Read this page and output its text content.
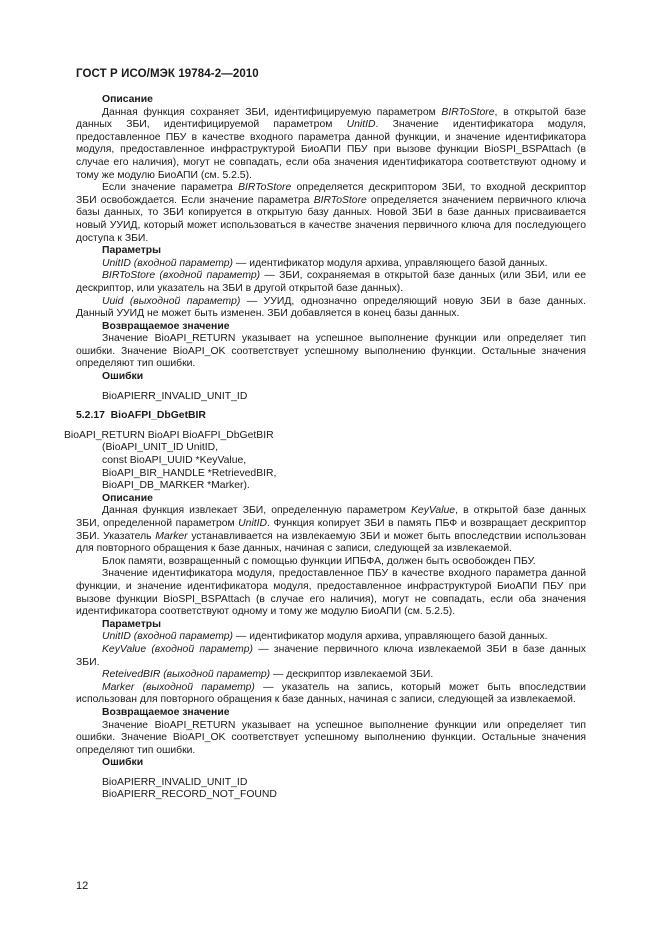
ГОСТ Р ИСО/МЭК 19784-2—2010

Описание

Данная функция сохраняет ЗБИ, идентифицируемую параметром BIRToStore, в открытой базе данных ЗБИ, идентифицируемой параметром UnitID. Значение идентификатора модуля, предоставленное ПБУ в качестве входного параметра данной функции, и значение идентификатора модуля, предоставленное инфраструктурой БиоАПИ ПБУ при вызове функции BioSPI_BSPAttach (в случае его наличия), могут не совпадать, если оба значения идентификатора соответствуют одному и тому же модулю БиоАПИ (см. 5.2.5).

Если значение параметра BIRToStore определяется дескриптором ЗБИ, то входной дескриптор ЗБИ освобождается. Если значение параметра BIRToStore определяется значением первичного ключа базы данных, то ЗБИ копируется в открытую базу данных. Новой ЗБИ в базе данных присваивается новый УУИД, который может использоваться в качестве значения первичного ключа для последующего доступа к ЗБИ.

Параметры

UnitID (входной параметр) — идентификатор модуля архива, управляющего базой данных.

BIRToStore (входной параметр) — ЗБИ, сохраняемая в открытой базе данных (или ЗБИ, или ее дескриптор, или указатель на ЗБИ в другой открытой базе данных).

Uuid (выходной параметр) — УУИД, однозначно определяющий новую ЗБИ в базе данных. Данный УУИД не может быть изменен. ЗБИ добавляется в конец базы данных.

Возвращаемое значение

Значение BioAPI_RETURN указывает на успешное выполнение функции или определяет тип ошибки. Значение BioAPI_OK соответствует успешному выполнению функции. Остальные значения определяют тип ошибки.

Ошибки

BioAPIERR_INVALID_UNIT_ID

5.2.17 BioAFPI_DbGetBIR

BioAPI_RETURN BioAPI BioAFPI_DbGetBIR

(BioAPI_UNIT_ID UnitID,

const BioAPI_UUID *KeyValue,

BioAPI_BIR_HANDLE *RetrievedBIR,

BioAPI_DB_MARKER *Marker).

Описание

Данная функция извлекает ЗБИ, определенную параметром KeyValue, в открытой базе данных ЗБИ, определенной параметром UnitID. Функция копирует ЗБИ в память ПБФ и возвращает дескриптор ЗБИ. Указатель Marker устанавливается на извлекаемую ЗБИ и может быть впоследствии использован для повторного обращения к базе данных, начиная с записи, следующей за извлекаемой.

Блок памяти, возвращенный с помощью функции ИПБФА, должен быть освобожден ПБУ.

Значение идентификатора модуля, предоставленное ПБУ в качестве входного параметра данной функции, и значение идентификатора модуля, предоставленное инфраструктурой БиоАПИ ПБУ при вызове функции BioSPI_BSPAttach (в случае его наличия), могут не совпадать, если оба значения идентификатора соответствуют одному и тому же модулю БиоАПИ (см. 5.2.5).

Параметры

UnitID (входной параметр) — идентификатор модуля архива, управляющего базой данных.

KeyValue (входной параметр) — значение первичного ключа извлекаемой ЗБИ в базе данных ЗБИ.

ReteivedBIR (выходной параметр) — дескриптор извлекаемой ЗБИ.

Marker (выходной параметр) — указатель на запись, который может быть впоследствии использован для повторного обращения к базе данных, начиная с записи, следующей за извлекаемой.

Возвращаемое значение

Значение BioAPI_RETURN указывает на успешное выполнение функции или определяет тип ошибки. Значение BioAPI_OK соответствует успешному выполнению функции. Остальные значения определяют тип ошибки.

Ошибки

BioAPIERR_INVALID_UNIT_ID

BioAPIERR_RECORD_NOT_FOUND

12
